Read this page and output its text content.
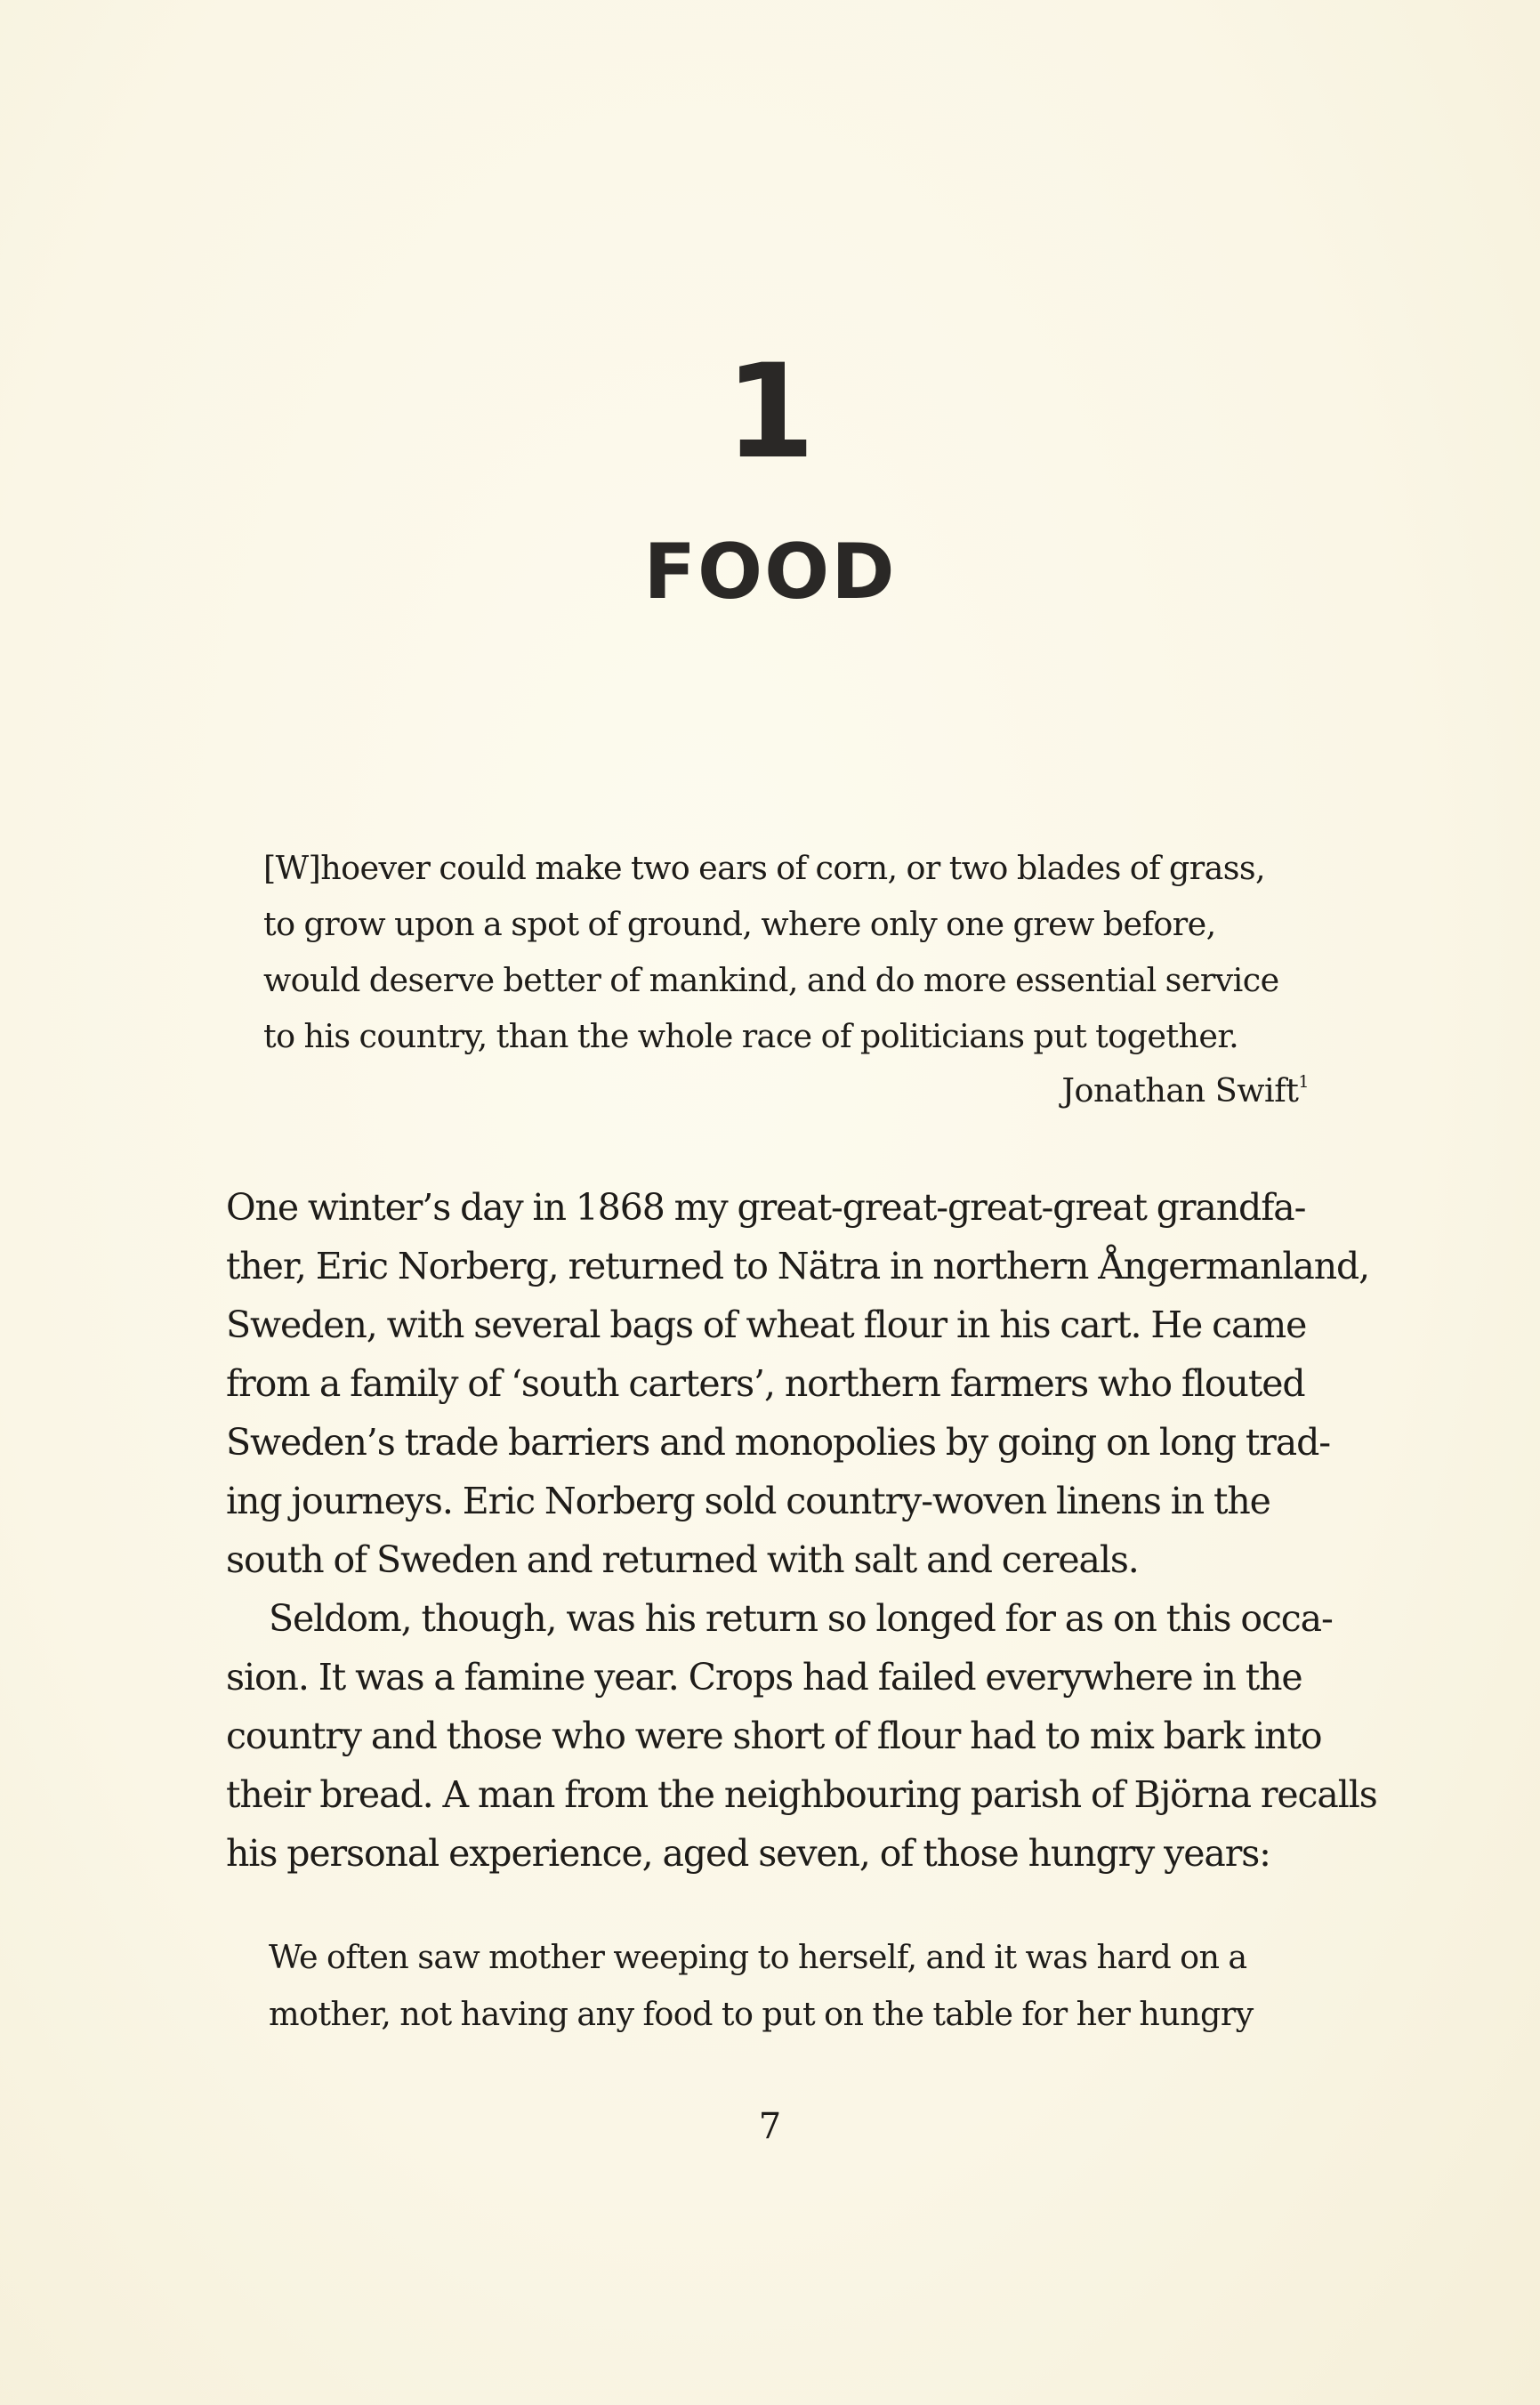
1
FOOD
[W]hoever could make two ears of corn, or two blades of grass,
to grow upon a spot of ground, where only one grew before,
would deserve better of mankind, and do more essential service
to his country, than the whole race of politicians put together.
Jonathan Swift$^1$
One winter’s day in 1868 my great-great-great-great grandfa-
ther, Eric Norberg, returned to Nätra in northern Ångermanland,
Sweden, with several bags of wheat flour in his cart. He came
from a family of ‘south carters’, northern farmers who flouted
Sweden’s trade barriers and monopolies by going on long trad-
ing journeys. Eric Norberg sold country-woven linens in the
south of Sweden and returned with salt and cereals.
Seldom, though, was his return so longed for as on this occa-
sion. It was a famine year. Crops had failed everywhere in the
country and those who were short of flour had to mix bark into
their bread. A man from the neighbouring parish of Björna recalls
his personal experience, aged seven, of those hungry years:
We often saw mother weeping to herself, and it was hard on a
mother, not having any food to put on the table for her hungry
7
